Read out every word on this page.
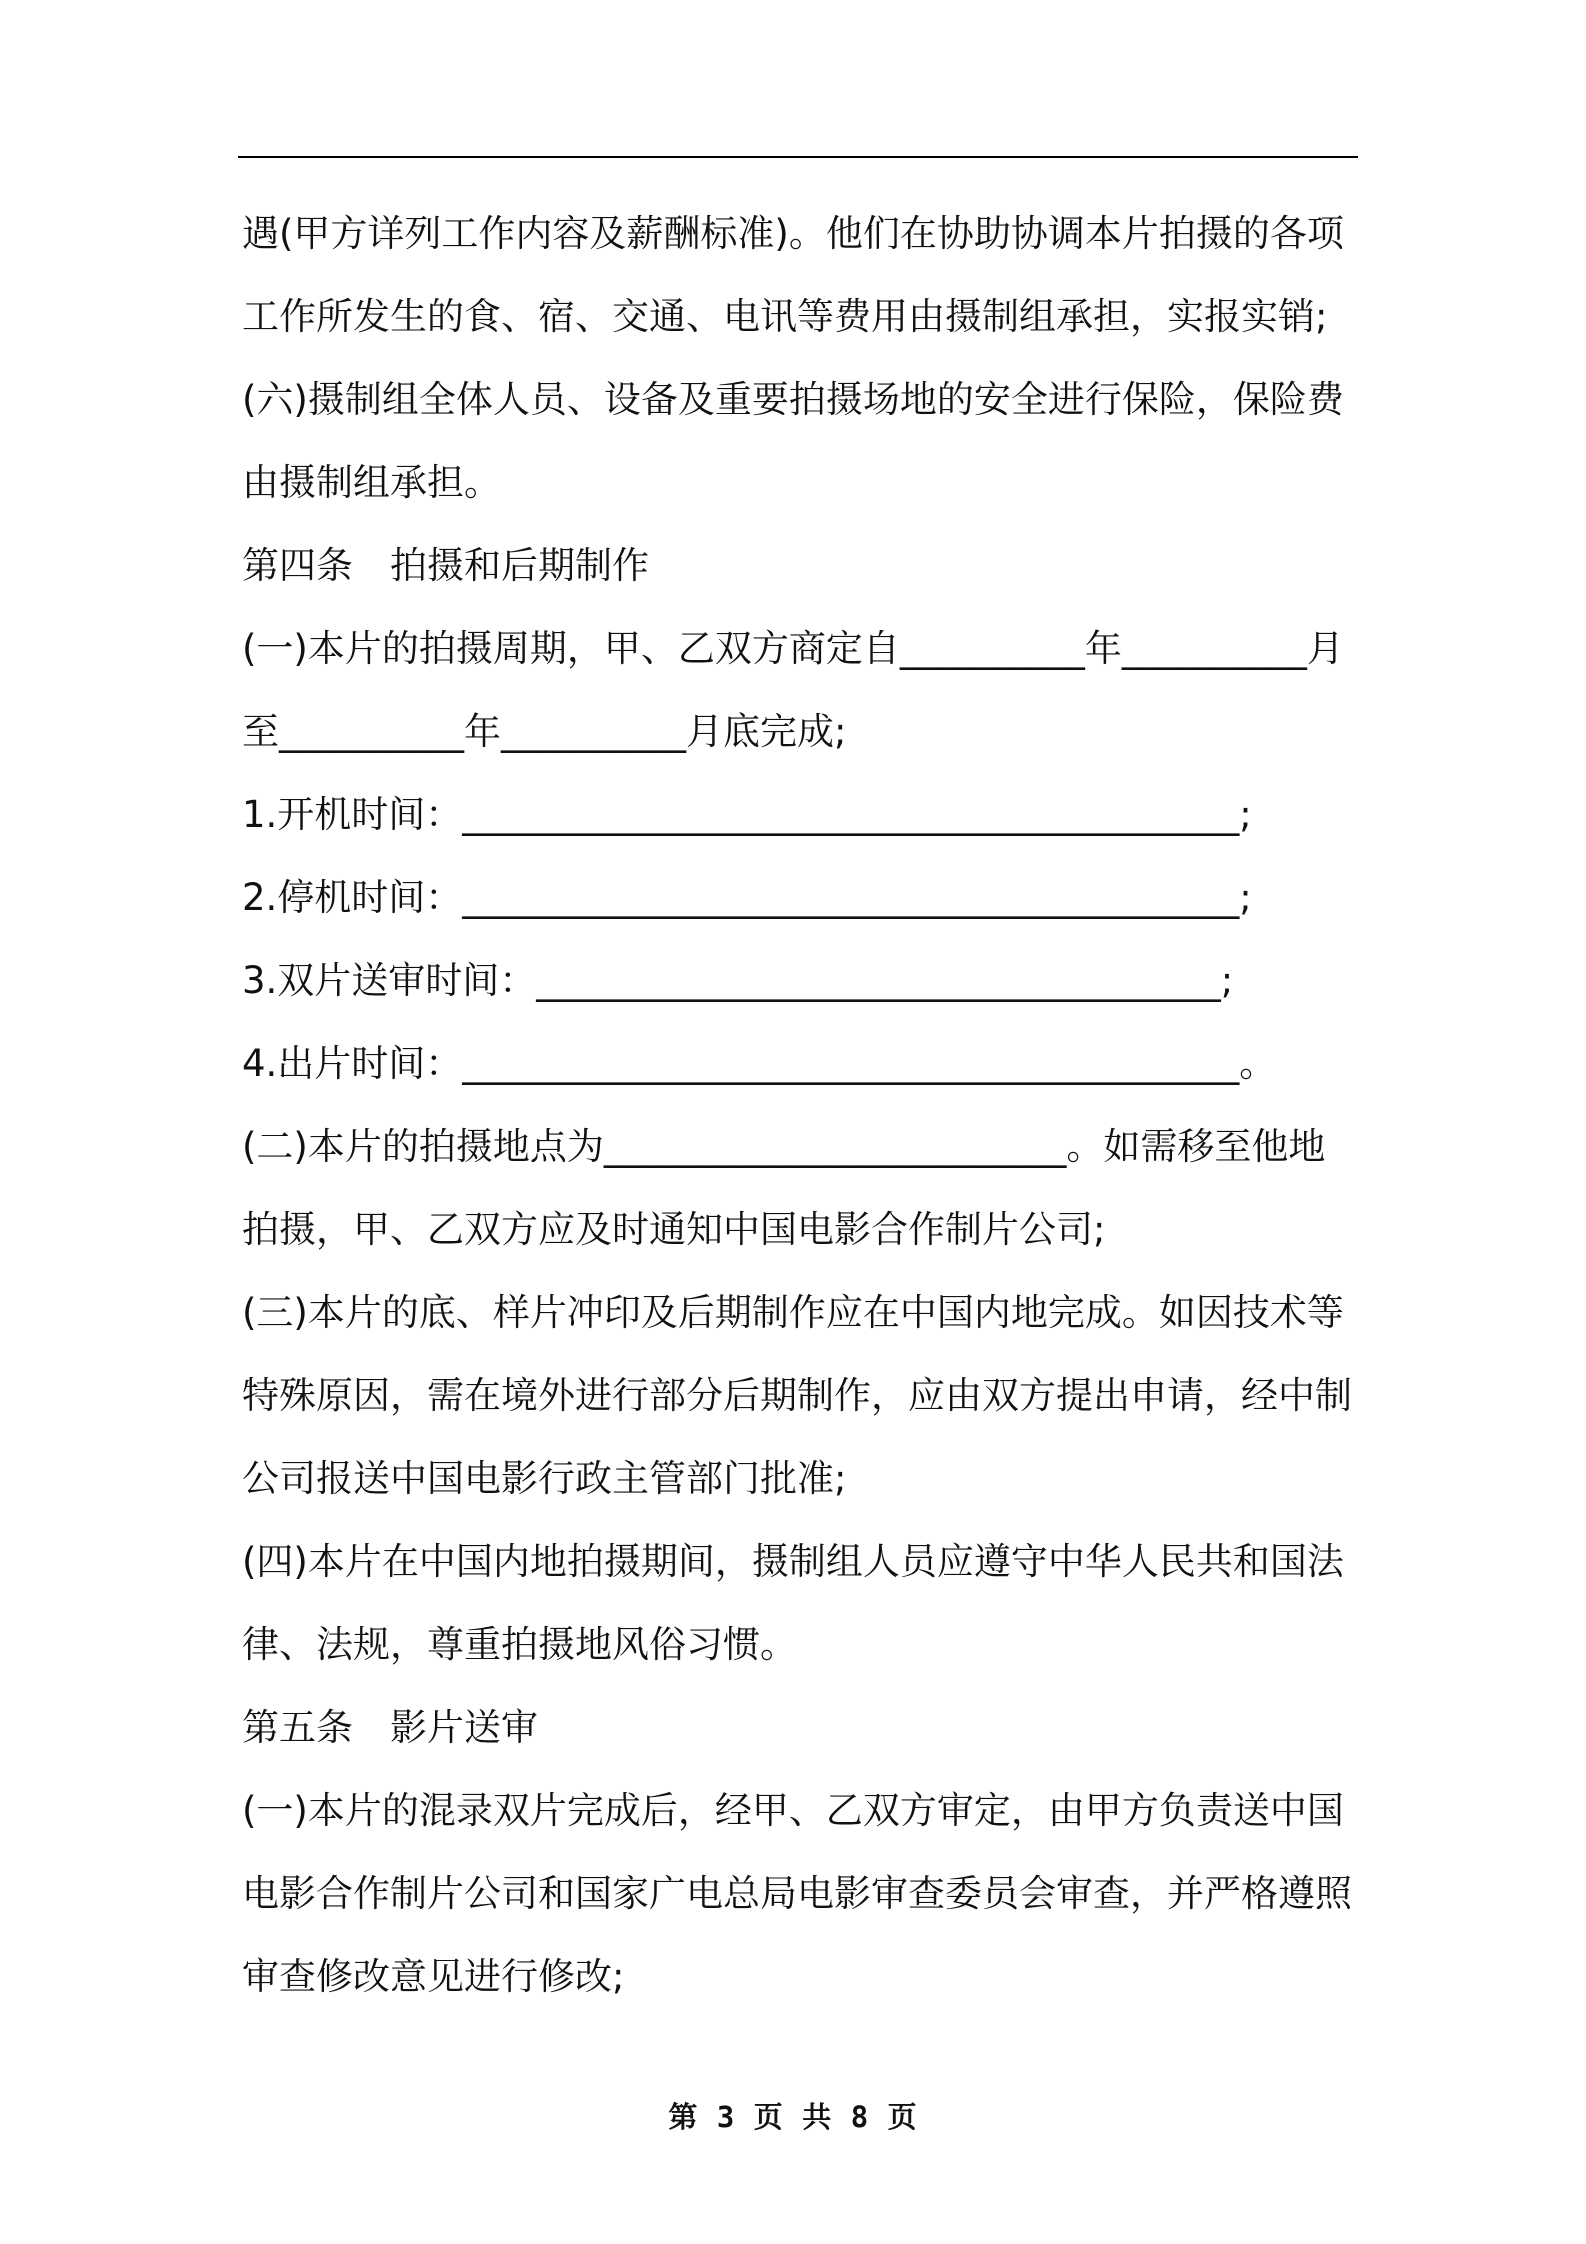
遇(甲方详列工作内容及薪酬标准)。他们在协助协调本片拍摄的各项
工作所发生的食、宿、交通、电讯等费用由摄制组承担，实报实销;
(六)摄制组全体人员、设备及重要拍摄场地的安全进行保险，保险费
由摄制组承担。
第四条　拍摄和后期制作
(一)本片的拍摄周期，甲、乙双方商定自__________年__________月
至__________年__________月底完成;
1.开机时间：__________________________________________;
2.停机时间：__________________________________________;
3.双片送审时间：_____________________________________;
4.出片时间：__________________________________________。
(二)本片的拍摄地点为_________________________。如需移至他地
拍摄，甲、乙双方应及时通知中国电影合作制片公司;
(三)本片的底、样片冲印及后期制作应在中国内地完成。如因技术等
特殊原因，需在境外进行部分后期制作，应由双方提出申请，经中制
公司报送中国电影行政主管部门批准;
(四)本片在中国内地拍摄期间，摄制组人员应遵守中华人民共和国法
律、法规，尊重拍摄地风俗习惯。
第五条　影片送审
(一)本片的混录双片完成后，经甲、乙双方审定，由甲方负责送中国
电影合作制片公司和国家广电总局电影审查委员会审查，并严格遵照
审查修改意见进行修改;
第 3 页 共 8 页
